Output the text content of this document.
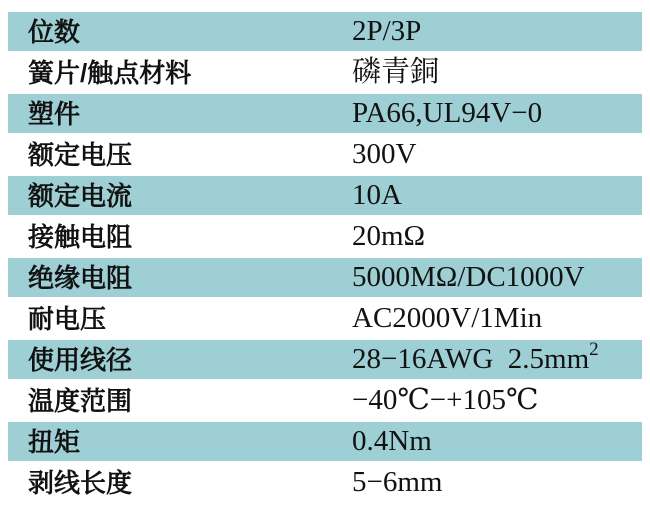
位数	2P/3P
簧片/触点材料	磷青銅
塑件	PA66,UL94V−0
额定电压	300V
额定电流	10A
接触电阻	20mΩ
绝缘电阻	5000MΩ/DC1000V
耐电压	AC2000V/1Min
使用线径	28−16AWG  $2.5mm^2$
温度范围	−40℃−+105℃
扭矩	0.4Nm
剥线长度	5−6mm
